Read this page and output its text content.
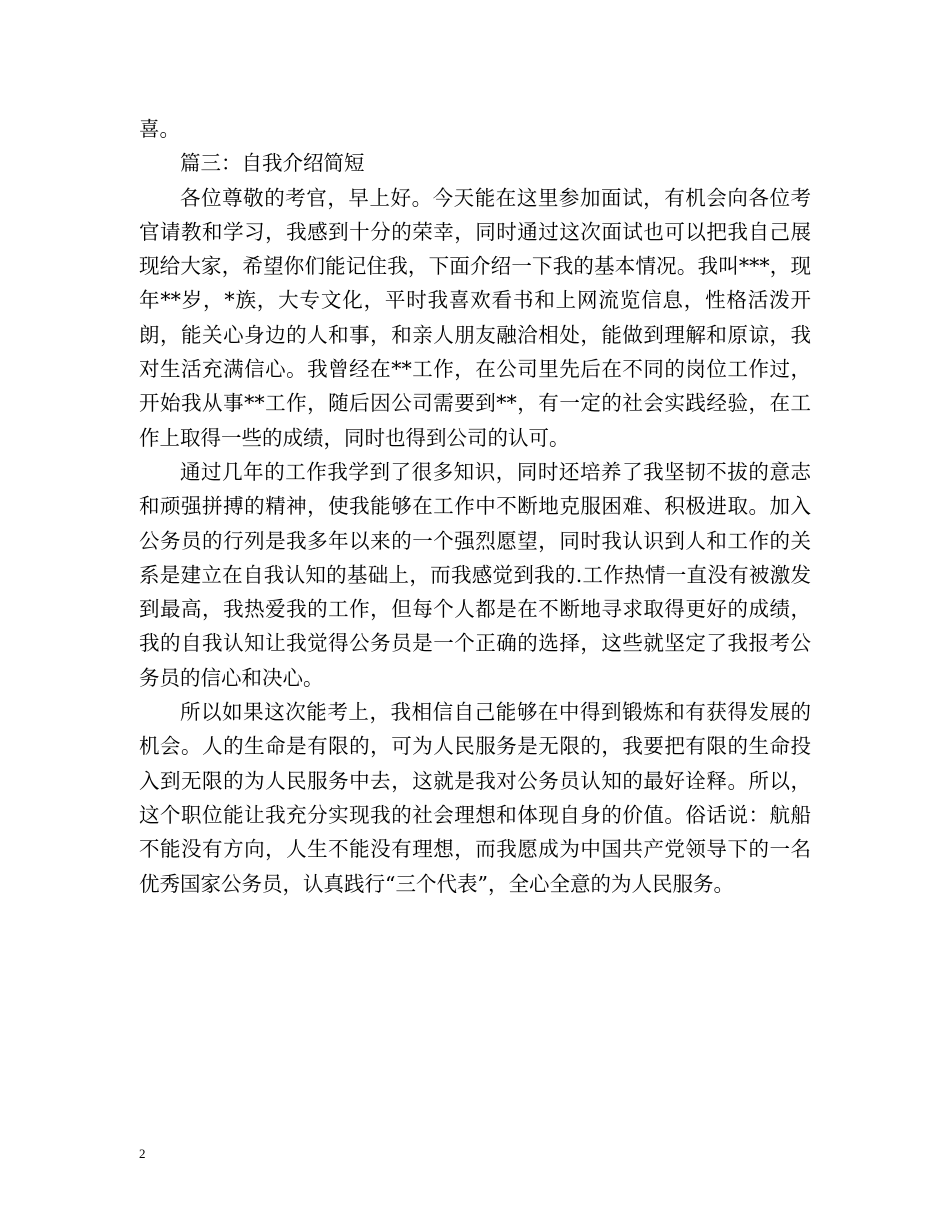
喜。

篇三：自我介绍简短

各位尊敬的考官，早上好。今天能在这里参加面试，有机会向各位考官请教和学习，我感到十分的荣幸，同时通过这次面试也可以把我自己展现给大家，希望你们能记住我，下面介绍一下我的基本情况。我叫***，现年**岁，*族，大专文化，平时我喜欢看书和上网流览信息，性格活泼开朗，能关心身边的人和事，和亲人朋友融洽相处，能做到理解和原谅，我对生活充满信心。我曾经在**工作，在公司里先后在不同的岗位工作过，开始我从事**工作，随后因公司需要到**，有一定的社会实践经验，在工作上取得一些的成绩，同时也得到公司的认可。

通过几年的工作我学到了很多知识，同时还培养了我坚韧不拔的意志和顽强拼搏的精神，使我能够在工作中不断地克服困难、积极进取。加入公务员的行列是我多年以来的一个强烈愿望，同时我认识到人和工作的关系是建立在自我认知的基础上，而我感觉到我的.工作热情一直没有被激发到最高，我热爱我的工作，但每个人都是在不断地寻求取得更好的成绩，我的自我认知让我觉得公务员是一个正确的选择，这些就坚定了我报考公务员的信心和决心。

所以如果这次能考上，我相信自己能够在中得到锻炼和有获得发展的机会。人的生命是有限的，可为人民服务是无限的，我要把有限的生命投入到无限的为人民服务中去，这就是我对公务员认知的最好诠释。所以，这个职位能让我充分实现我的社会理想和体现自身的价值。俗话说：航船不能没有方向，人生不能没有理想，而我愿成为中国共产党领导下的一名优秀国家公务员，认真践行“三个代表”，全心全意的为人民服务。

2
